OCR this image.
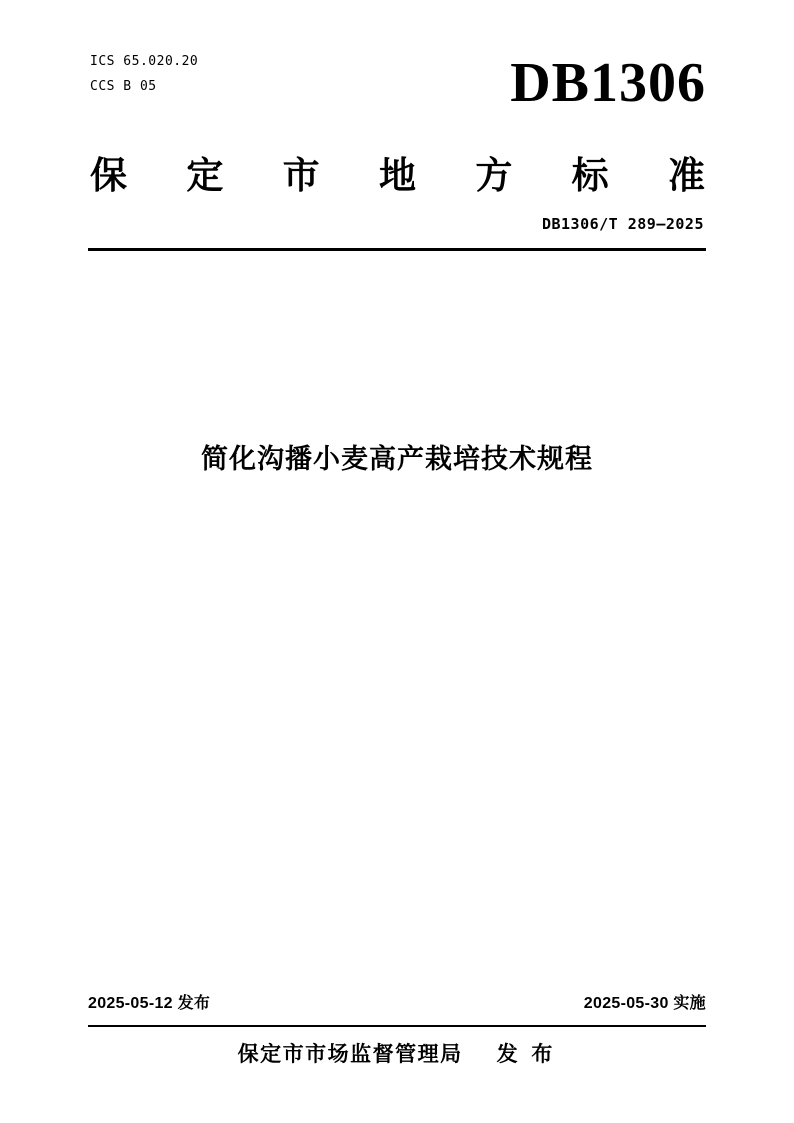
ICS 65.020.20
CCS B 05	DB1306
保 定 市 地 方 标 准
DB1306/T 289—2025
简化沟播小麦高产栽培技术规程
2025-05-12 发布	2025-05-30 实施
保定市市场监督管理局 发 布
